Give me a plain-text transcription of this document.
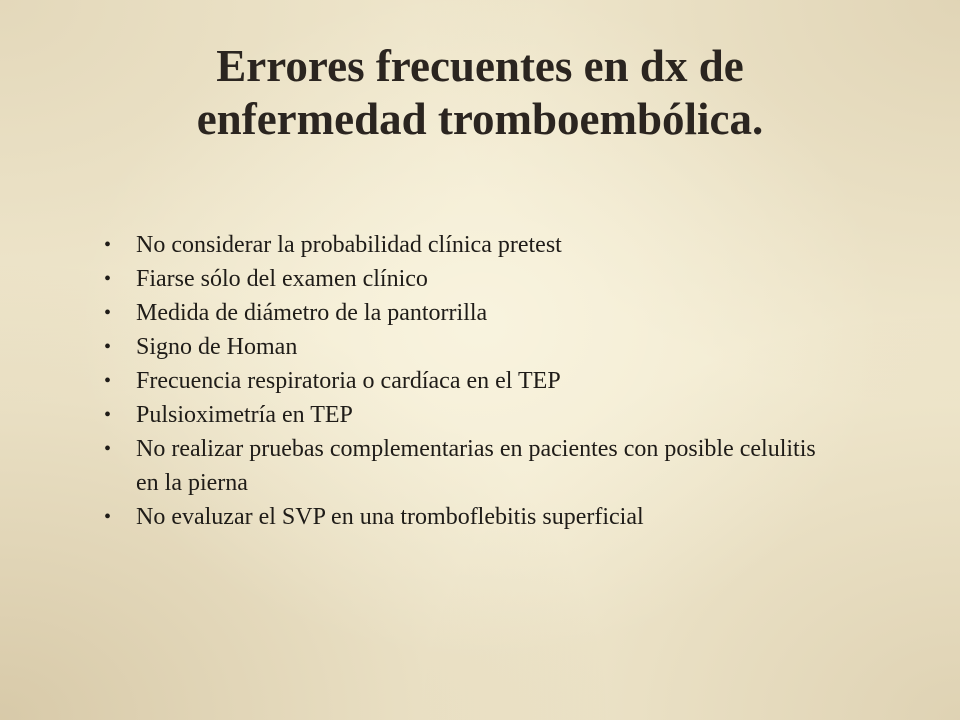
Errores frecuentes en dx de
enfermedad tromboembólica.
•	No considerar la probabilidad clínica pretest
•	Fiarse sólo del examen clínico
•	Medida de diámetro de la pantorrilla
•	Signo de Homan
•	Frecuencia respiratoria o cardíaca en el TEP
•	Pulsioximetría en TEP
•	No realizar pruebas complementarias en pacientes con posible celulitis en la pierna
•	No evaluzar el SVP en una tromboflebitis superficial
